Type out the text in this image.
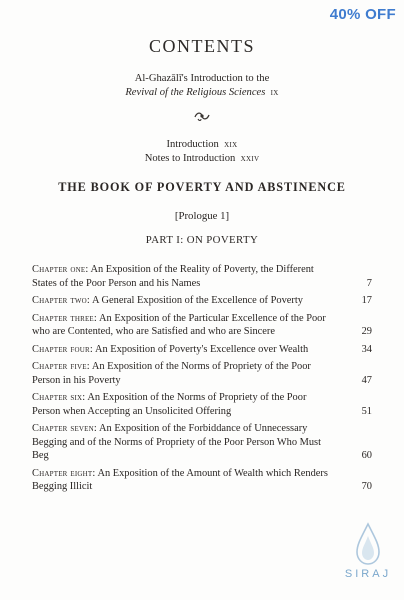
40% OFF
CONTENTS
Al-Ghazālī's Introduction to the
Revival of the Religious Sciences ix
Introduction xix
Notes to Introduction xxiv
THE BOOK OF POVERTY AND ABSTINENCE
[Prologue 1]
PART I: ON POVERTY
Chapter one: An Exposition of the Reality of Poverty, the Different States of the Poor Person and his Names	7
Chapter two: A General Exposition of the Excellence of Poverty	17
Chapter three: An Exposition of the Particular Excellence of the Poor who are Contented, who are Satisfied and who are Sincere	29
Chapter four: An Exposition of Poverty's Excellence over Wealth	34
Chapter five: An Exposition of the Norms of Propriety of the Poor Person in his Poverty	47
Chapter six: An Exposition of the Norms of Propriety of the Poor Person when Accepting an Unsolicited Offering	51
Chapter seven: An Exposition of the Forbiddance of Unnecessary Begging and of the Norms of Propriety of the Poor Person Who Must Beg	60
Chapter eight: An Exposition of the Amount of Wealth which Renders Begging Illicit	70
SIRAJ
